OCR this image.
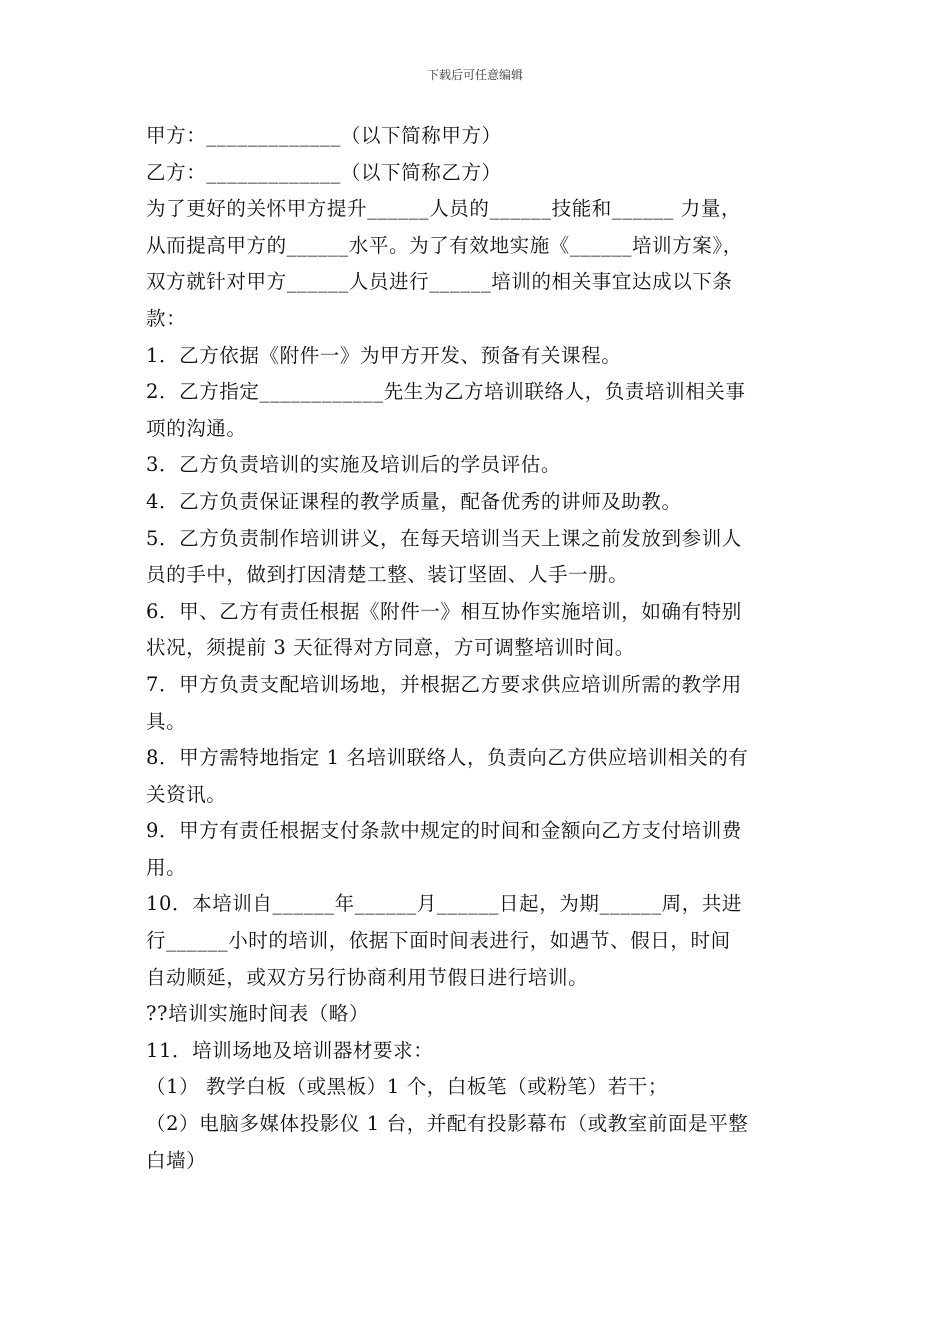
下载后可任意编辑
甲方：_____________（以下简称甲方）
乙方：_____________（以下简称乙方）
为了更好的关怀甲方提升______人员的______技能和______ 力量，
从而提高甲方的______水平。为了有效地实施《______培训方案》，
双方就针对甲方______人员进行______培训的相关事宜达成以下条
款：
1．乙方依据《附件一》为甲方开发、预备有关课程。
2．乙方指定____________先生为乙方培训联络人，负责培训相关事
项的沟通。
3．乙方负责培训的实施及培训后的学员评估。
4．乙方负责保证课程的教学质量，配备优秀的讲师及助教。
5．乙方负责制作培训讲义，在每天培训当天上课之前发放到参训人
员的手中，做到打因清楚工整、装订坚固、人手一册。
6．甲、乙方有责任根据《附件一》相互协作实施培训，如确有特别
状况，须提前 3 天征得对方同意，方可调整培训时间。
7．甲方负责支配培训场地，并根据乙方要求供应培训所需的教学用
具。
8．甲方需特地指定 1 名培训联络人，负责向乙方供应培训相关的有
关资讯。
9．甲方有责任根据支付条款中规定的时间和金额向乙方支付培训费
用。
10．本培训自______年______月______日起，为期______周，共进
行______小时的培训，依据下面时间表进行，如遇节、假日，时间
自动顺延，或双方另行协商利用节假日进行培训。
??培训实施时间表（略）
11．培训场地及培训器材要求：
（1） 教学白板（或黑板）1 个，白板笔（或粉笔）若干；
（2）电脑多媒体投影仪 1 台，并配有投影幕布（或教室前面是平整
白墙）
